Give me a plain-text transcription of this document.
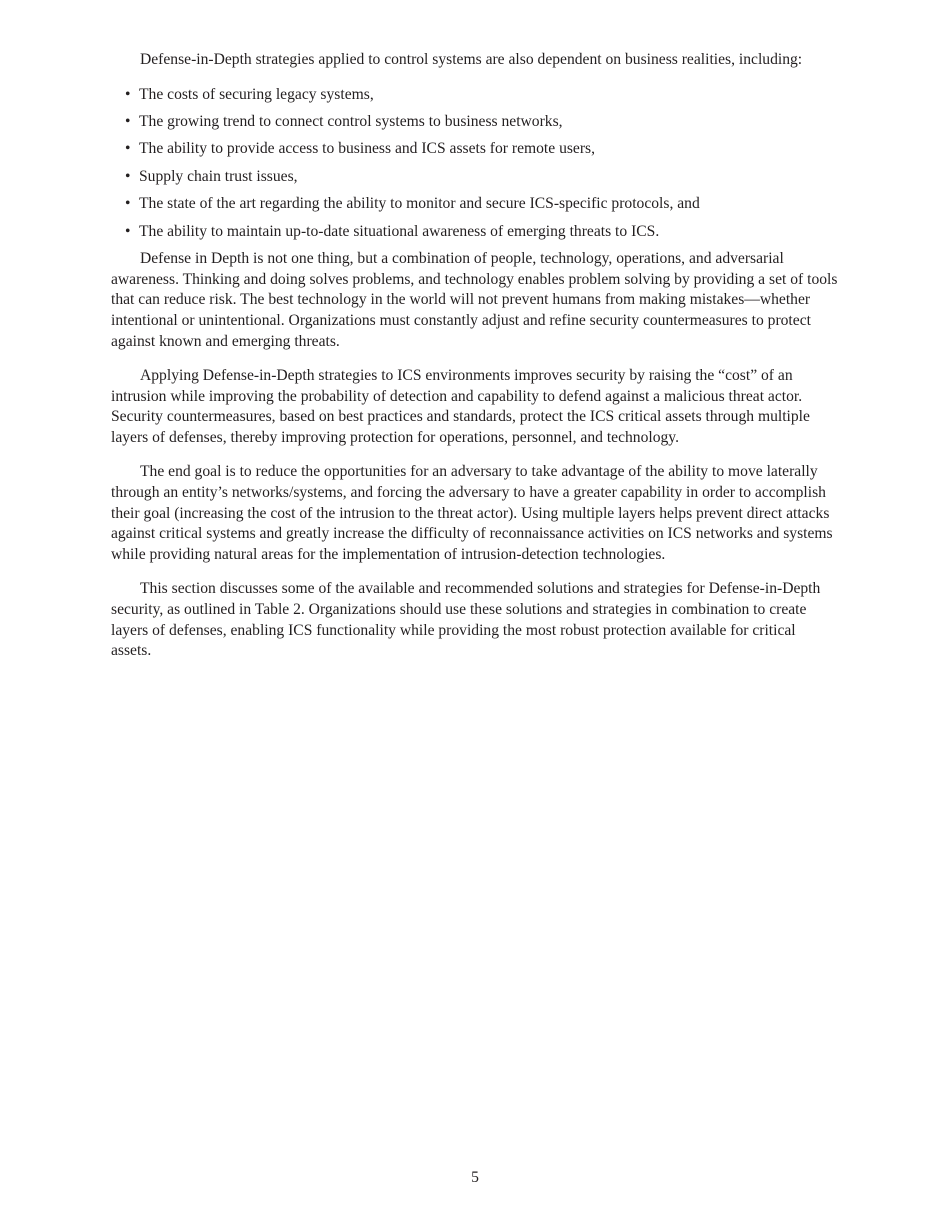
Defense-in-Depth strategies applied to control systems are also dependent on business realities, including:

• The costs of securing legacy systems,
• The growing trend to connect control systems to business networks,
• The ability to provide access to business and ICS assets for remote users,
• Supply chain trust issues,
• The state of the art regarding the ability to monitor and secure ICS-specific protocols, and
• The ability to maintain up-to-date situational awareness of emerging threats to ICS.

Defense in Depth is not one thing, but a combination of people, technology, operations, and adversarial awareness. Thinking and doing solves problems, and technology enables problem solving by providing a set of tools that can reduce risk. The best technology in the world will not prevent humans from making mistakes—whether intentional or unintentional. Organizations must constantly adjust and refine security countermeasures to protect against known and emerging threats.

Applying Defense-in-Depth strategies to ICS environments improves security by raising the “cost” of an intrusion while improving the probability of detection and capability to defend against a malicious threat actor. Security countermeasures, based on best practices and standards, protect the ICS critical assets through multiple layers of defenses, thereby improving protection for operations, personnel, and technology.

The end goal is to reduce the opportunities for an adversary to take advantage of the ability to move laterally through an entity’s networks/systems, and forcing the adversary to have a greater capability in order to accomplish their goal (increasing the cost of the intrusion to the threat actor). Using multiple layers helps prevent direct attacks against critical systems and greatly increase the difficulty of reconnaissance activities on ICS networks and systems while providing natural areas for the implementation of intrusion-detection technologies.

This section discusses some of the available and recommended solutions and strategies for Defense-in-Depth security, as outlined in Table 2. Organizations should use these solutions and strategies in combination to create layers of defenses, enabling ICS functionality while providing the most robust protection available for critical assets.

5
